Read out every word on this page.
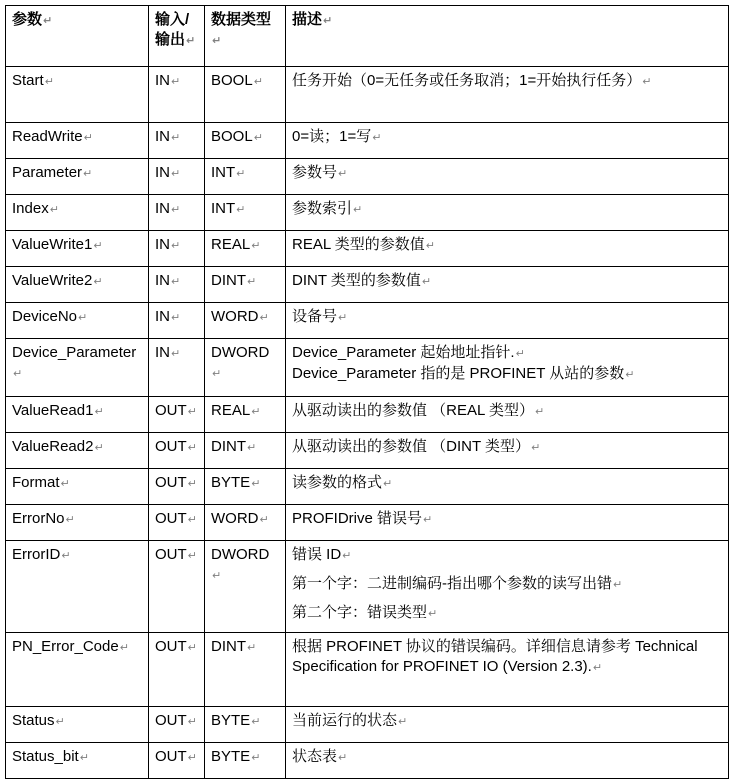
参数↵	输入/输出↵	数据类型↵	描述↵
Start↵	IN↵	BOOL↵	任务开始（0=无任务或任务取消；1=开始执行任务）↵

ReadWrite↵	IN↵	BOOL↵	0=读；1=写↵

Parameter↵	IN↵	INT↵	参数号↵

Index↵	IN↵	INT↵	参数索引↵

ValueWrite1↵	IN↵	REAL↵	REAL 类型的参数值↵

ValueWrite2↵	IN↵	DINT↵	DINT 类型的参数值↵

DeviceNo↵	IN↵	WORD↵	设备号↵

Device_Parameter↵	IN↵	DWORD↵	Device_Parameter 起始地址指针.↵
Device_Parameter 指的是 PROFINET 从站的参数↵

ValueRead1↵	OUT↵	REAL↵	从驱动读出的参数值 （REAL 类型）↵

ValueRead2↵	OUT↵	DINT↵	从驱动读出的参数值 （DINT 类型）↵

Format↵	OUT↵	BYTE↵	读参数的格式↵

ErrorNo↵	OUT↵	WORD↵	PROFIDrive 错误号↵

ErrorID↵	OUT↵	DWORD↵	错误 ID↵
第一个字：二进制编码-指出哪个参数的读写出错↵
第二个字：错误类型↵

PN_Error_Code↵	OUT↵	DINT↵	根据 PROFINET 协议的错误编码。详细信息请参考 Technical Specification for PROFINET IO (Version 2.3).↵

Status↵	OUT↵	BYTE↵	当前运行的状态↵

Status_bit↵	OUT↵	BYTE↵	状态表↵
